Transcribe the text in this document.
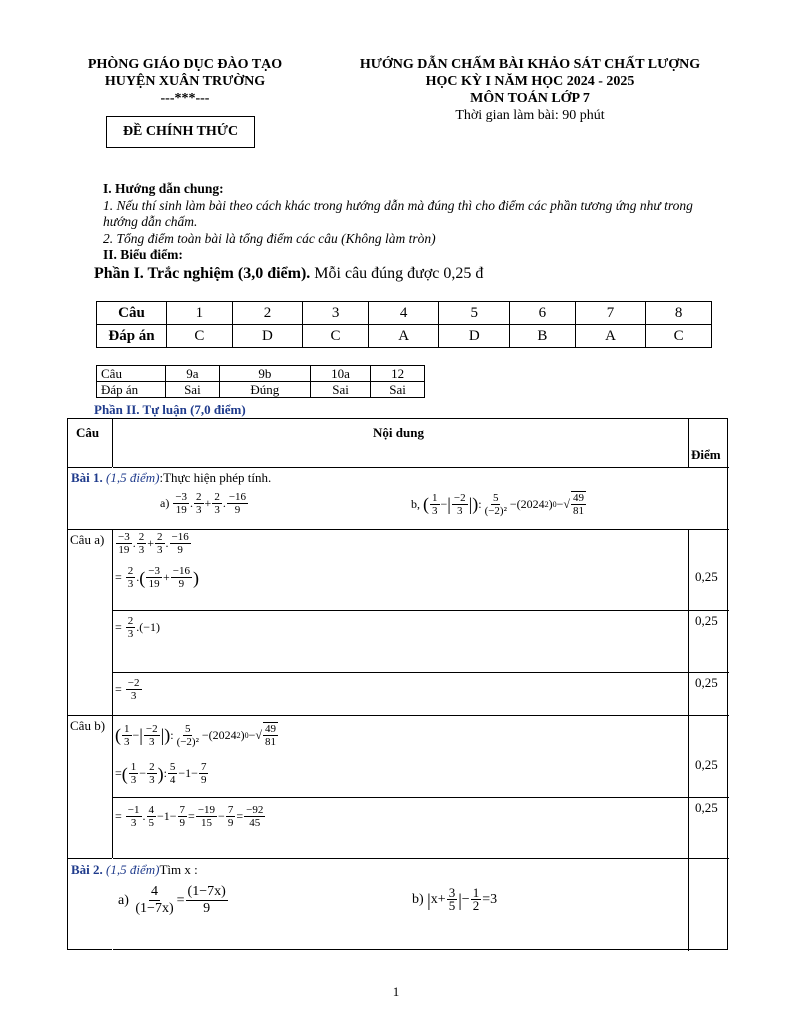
PHÒNG GIÁO DỤC ĐÀO TẠO
HUYỆN XUÂN TRƯỜNG
---***---
ĐỀ CHÍNH THỨC
HƯỚNG DẪN CHẤM BÀI KHẢO SÁT CHẤT LƯỢNG
HỌC KỲ I NĂM HỌC 2024 - 2025
MÔN TOÁN LỚP 7
Thời gian làm bài: 90 phút
I. Hướng dẫn chung:
1. Nếu thí sinh làm bài theo cách khác trong hướng dẫn mà đúng thì cho điểm các phần tương ứng như trong hướng dẫn chấm.
2. Tổng điểm toàn bài là tổng điểm các câu (Không làm tròn)
II. Biểu điểm:
Phần I. Trắc nghiệm (3,0 điểm). Mỗi câu đúng được 0,25 đ
Câu	1	2	3	4	5	6	7	8
Đáp án	C	D	C	A	D	B	A	C
Câu	9a	9b	10a	12
Đáp án	Sai	Đúng	Sai	Sai
Phần II. Tự luận (7,0 điểm)
Câu	Nội dung
Điểm
Bài 1. (1,5 điểm):Thực hiện phép tính.
$a) \frac{-3}{19}$ . $\frac{2}{3} + \frac{2}{3}$ . $\frac{-16}{9}$	b, ( $\frac{1}{3}$ − | $\frac{-2}{3}$ | ) : $\frac{5}{\text{(−2)²}} -(2024$ 2 ) 0 −√ $\frac{49}{81}$
Câu $a) \frac{-3}{19}$ . $\frac{2}{3} + \frac{2}{3}$ . $\frac{-16}{9}$
= $\frac{2}{3}$ . ( $\frac{-3}{19} + \frac{-16}{9}$ )	0,25
= $\frac{2}{3} .(-1)$	0,25
= $\frac{-2}{3}$	0,25
Câu b) ( $\frac{1}{3}$ − | $\frac{-2}{3}$ | ) : $\frac{5}{\text{(−2)²}} -(2024$ 2 ) 0 −√ $\frac{49}{81}$
= ( $\frac{1}{3} - \frac{2}{3}$ ) : $\frac{5}{4} -1- \frac{7}{9}$	0,25
= $\frac{-1}{3}$ . $\frac{4}{5} -1- \frac{7}{9} = \frac{-19}{15} - \frac{7}{9} = \frac{-92}{45}$	0,25
Bài 2. (1,5 điểm)Tìm x :
$a) \frac{4}{(1-7x)} = \frac{(1-7x)}{9}$	b) | $x+ \frac{3}{5}$ | − $\frac{1}{2} =3$
1
